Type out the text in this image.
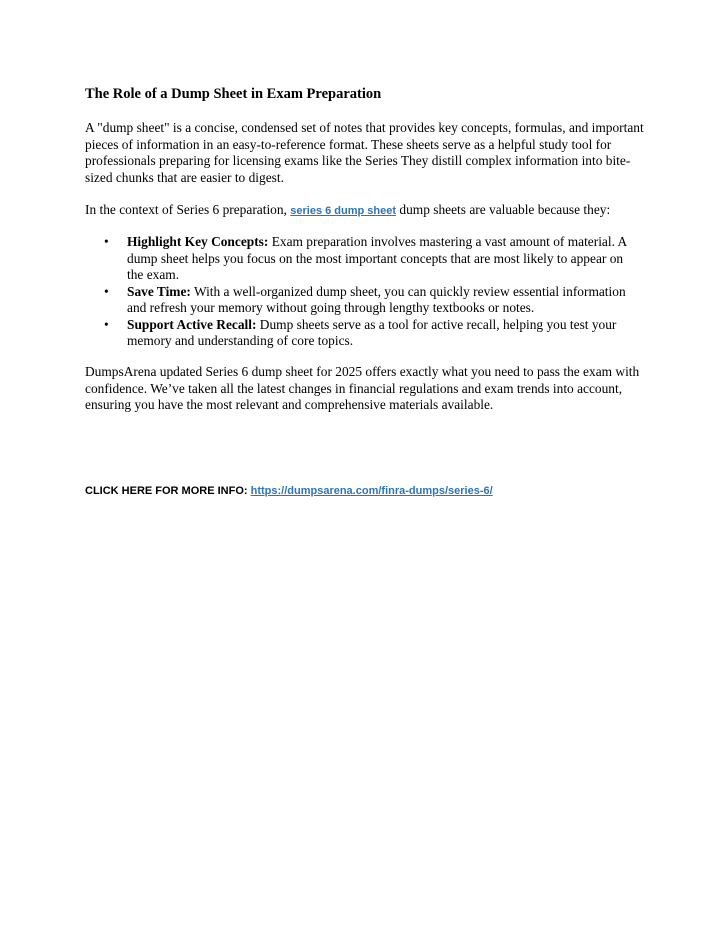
The Role of a Dump Sheet in Exam Preparation

A "dump sheet" is a concise, condensed set of notes that provides key concepts, formulas, and important pieces of information in an easy-to-reference format. These sheets serve as a helpful study tool for professionals preparing for licensing exams like the Series They distill complex information into bite-sized chunks that are easier to digest.

In the context of Series 6 preparation, series 6 dump sheet dump sheets are valuable because they:

• Highlight Key Concepts: Exam preparation involves mastering a vast amount of material. A dump sheet helps you focus on the most important concepts that are most likely to appear on the exam.
• Save Time: With a well-organized dump sheet, you can quickly review essential information and refresh your memory without going through lengthy textbooks or notes.
• Support Active Recall: Dump sheets serve as a tool for active recall, helping you test your memory and understanding of core topics.

DumpsArena updated Series 6 dump sheet for 2025 offers exactly what you need to pass the exam with confidence. We’ve taken all the latest changes in financial regulations and exam trends into account, ensuring you have the most relevant and comprehensive materials available.

CLICK HERE FOR MORE INFO: https://dumpsarena.com/finra-dumps/series-6/
